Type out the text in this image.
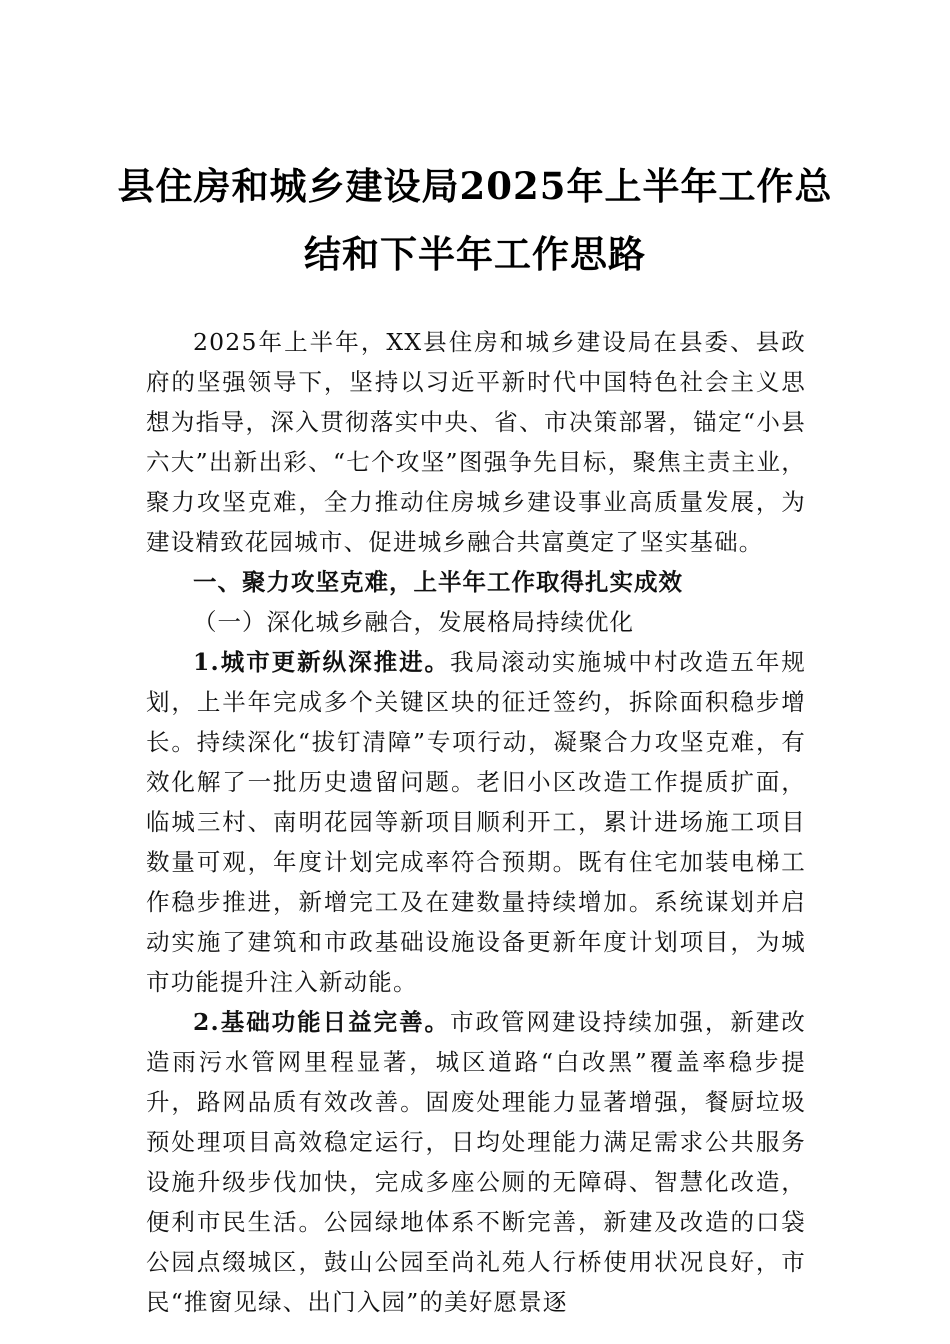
县住房和城乡建设局2025年上半年工作总
结和下半年工作思路

2025年上半年，XX县住房和城乡建设局在县委、县政府的坚强领导下，坚持以习近平新时代中国特色社会主义思想为指导，深入贯彻落实中央、省、市决策部署，锚定“小县六大”出新出彩、“七个攻坚”图强争先目标，聚焦主责主业，聚力攻坚克难，全力推动住房城乡建设事业高质量发展，为建设精致花园城市、促进城乡融合共富奠定了坚实基础。

一、聚力攻坚克难，上半年工作取得扎实成效

（一）深化城乡融合，发展格局持续优化

1.城市更新纵深推进。我局滚动实施城中村改造五年规划，上半年完成多个关键区块的征迁签约，拆除面积稳步增长。持续深化“拔钉清障”专项行动，凝聚合力攻坚克难，有效化解了一批历史遗留问题。老旧小区改造工作提质扩面，临城三村、南明花园等新项目顺利开工，累计进场施工项目数量可观，年度计划完成率符合预期。既有住宅加装电梯工作稳步推进，新增完工及在建数量持续增加。系统谋划并启动实施了建筑和市政基础设施设备更新年度计划项目，为城市功能提升注入新动能。

2.基础功能日益完善。市政管网建设持续加强，新建改造雨污水管网里程显著，城区道路“白改黑”覆盖率稳步提升，路网品质有效改善。固废处理能力显著增强，餐厨垃圾预处理项目高效稳定运行，日均处理能力满足需求公共服务设施升级步伐加快，完成多座公厕的无障碍、智慧化改造，便利市民生活。公园绿地体系不断完善，新建及改造的口袋公园点缀城区，鼓山公园至尚礼苑人行桥使用状况良好，市民“推窗见绿、出门入园”的美好愿景逐
